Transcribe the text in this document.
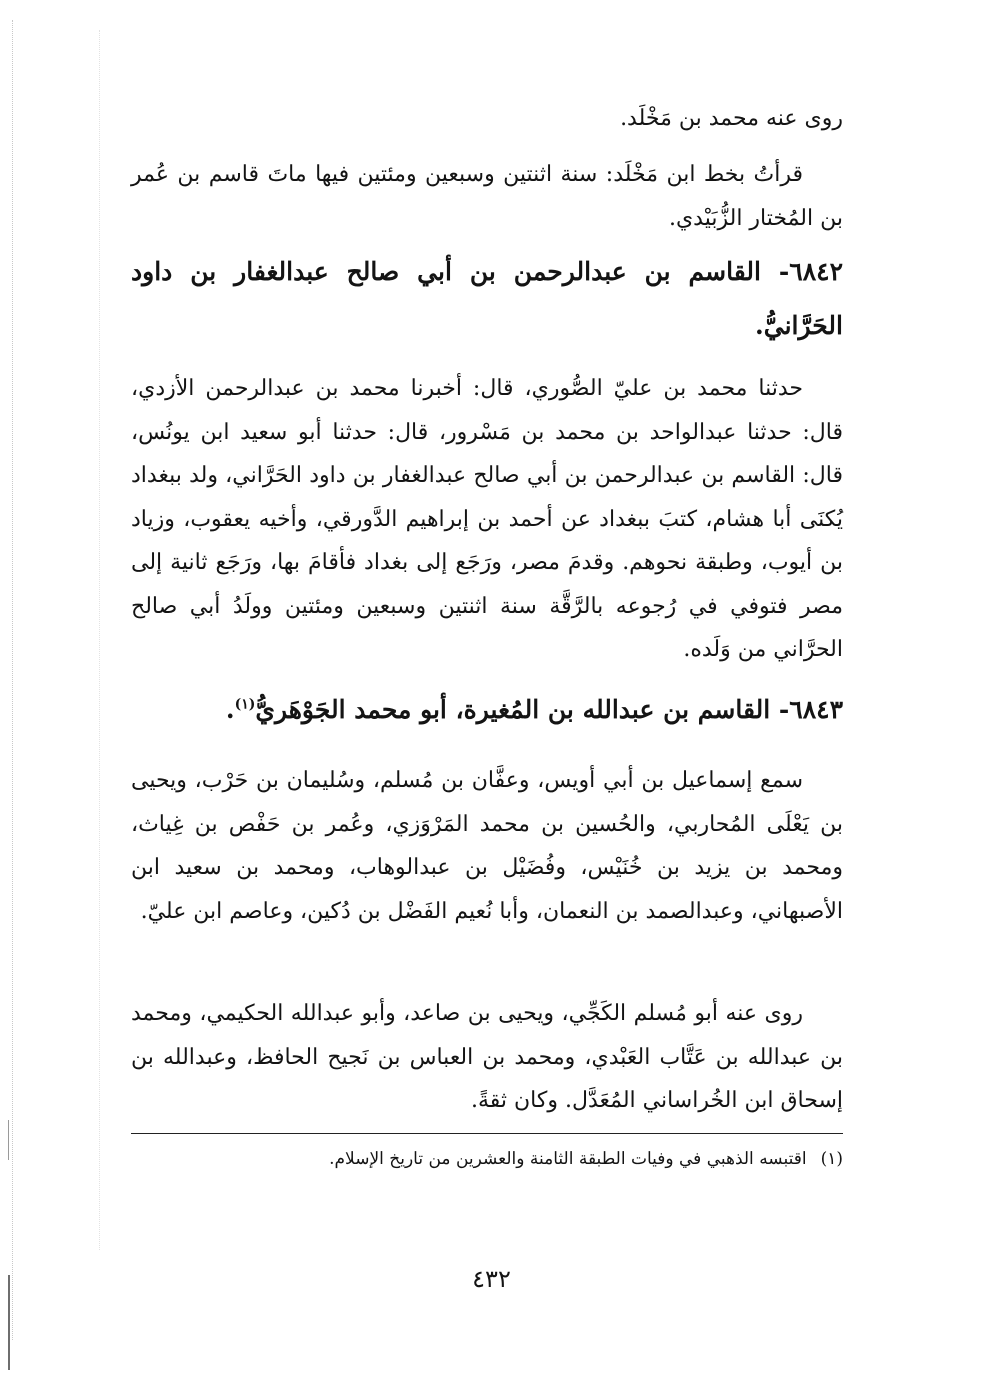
روى عنه محمد بن مَخْلَد.
قرأتُ بخط ابن مَخْلَد: سنة اثنتين وسبعين ومئتين فيها ماتَ قاسم بن عُمر بن المُختار الزُّبَيْدي.
٦٨٤٢- القاسم بن عبدالرحمن بن أبي صالح عبدالغفار بن داود الحَرَّانيُّ.
حدثنا محمد بن عليّ الصُّوري، قال: أخبرنا محمد بن عبدالرحمن الأزدي، قال: حدثنا عبدالواحد بن محمد بن مَسْرور، قال: حدثنا أبو سعيد ابن يونُس، قال: القاسم بن عبدالرحمن بن أبي صالح عبدالغفار بن داود الحَرَّاني، ولد ببغداد يُكنَى أبا هشام، كتبَ ببغداد عن أحمد بن إبراهيم الدَّورقي، وأخيه يعقوب، وزياد بن أيوب، وطبقة نحوهم. وقدمَ مصر، ورَجَع إلى بغداد فأقامَ بها، ورَجَع ثانية إلى مصر فتوفي في رُجوعه بالرَّقَّة سنة اثنتين وسبعين ومئتين وولَدُ أبي صالح الحرَّاني من وَلَده.
٦٨٤٣- القاسم بن عبدالله بن المُغيرة، أبو محمد الجَوْهَريُّ$^{(١)}$.
سمع إسماعيل بن أبي أويس، وعفَّان بن مُسلم، وسُليمان بن حَرْب، ويحيى بن يَعْلَى المُحاربي، والحُسين بن محمد المَرْوَزي، وعُمر بن حَفْص بن غِياث، ومحمد بن يزيد بن خُنَيْس، وفُضَيْل بن عبدالوهاب، ومحمد بن سعيد ابن الأصبهاني، وعبدالصمد بن النعمان، وأبا نُعيم الفَضْل بن دُكين، وعاصم ابن عليّ.
روى عنه أبو مُسلم الكَجِّي، ويحيى بن صاعد، وأبو عبدالله الحكيمي، ومحمد بن عبدالله بن عَتَّاب العَبْدي، ومحمد بن العباس بن نَجيح الحافظ، وعبدالله بن إسحاق ابن الخُراساني المُعَدَّل. وكان ثقةً.
(١)اقتبسه الذهبي في وفيات الطبقة الثامنة والعشرين من تاريخ الإسلام.
٤٣٢
